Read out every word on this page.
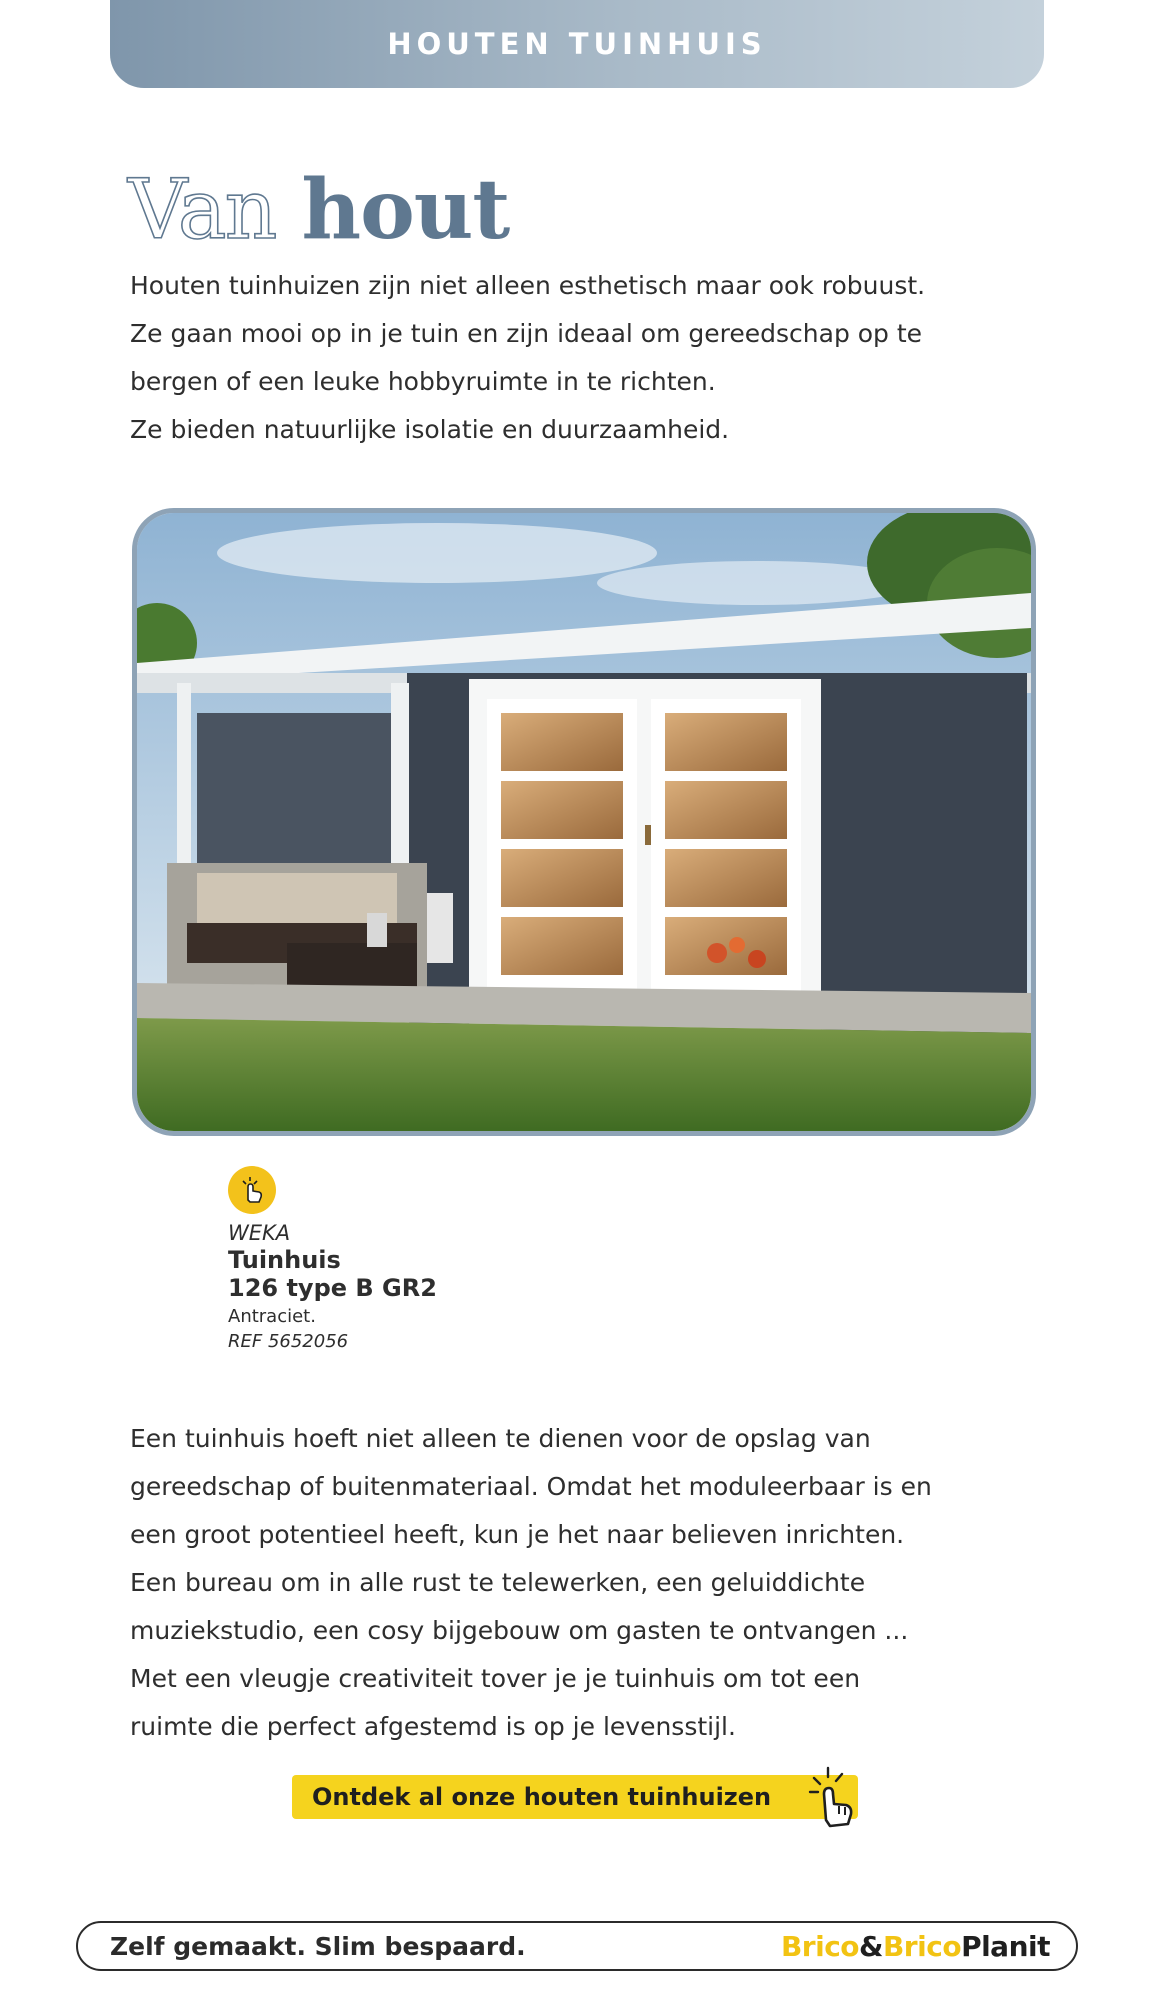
HOUTEN TUINHUIS
Van hout

Houten tuinhuizen zijn niet alleen esthetisch maar ook robuust.

Ze gaan mooi op in je tuin en zijn ideaal om gereedschap op te

bergen of een leuke hobbyruimte in te richten.

Ze bieden natuurlijke isolatie en duurzaamheid.

WEKA
Tuinhuis
126 type B GR2
Antraciet.
REF 5652056

Een tuinhuis hoeft niet alleen te dienen voor de opslag van

gereedschap of buitenmateriaal. Omdat het moduleerbaar is en

een groot potentieel heeft, kun je het naar believen inrichten.

Een bureau om in alle rust te telewerken, een geluiddichte

muziekstudio, een cosy bijgebouw om gasten te ontvangen ...

Met een vleugje creativiteit tover je je tuinhuis om tot een

ruimte die perfect afgestemd is op je levensstijl.

Ontdek al onze houten tuinhuizen
Zelf gemaakt. Slim bespaard.	Brico&BricoPlanit
